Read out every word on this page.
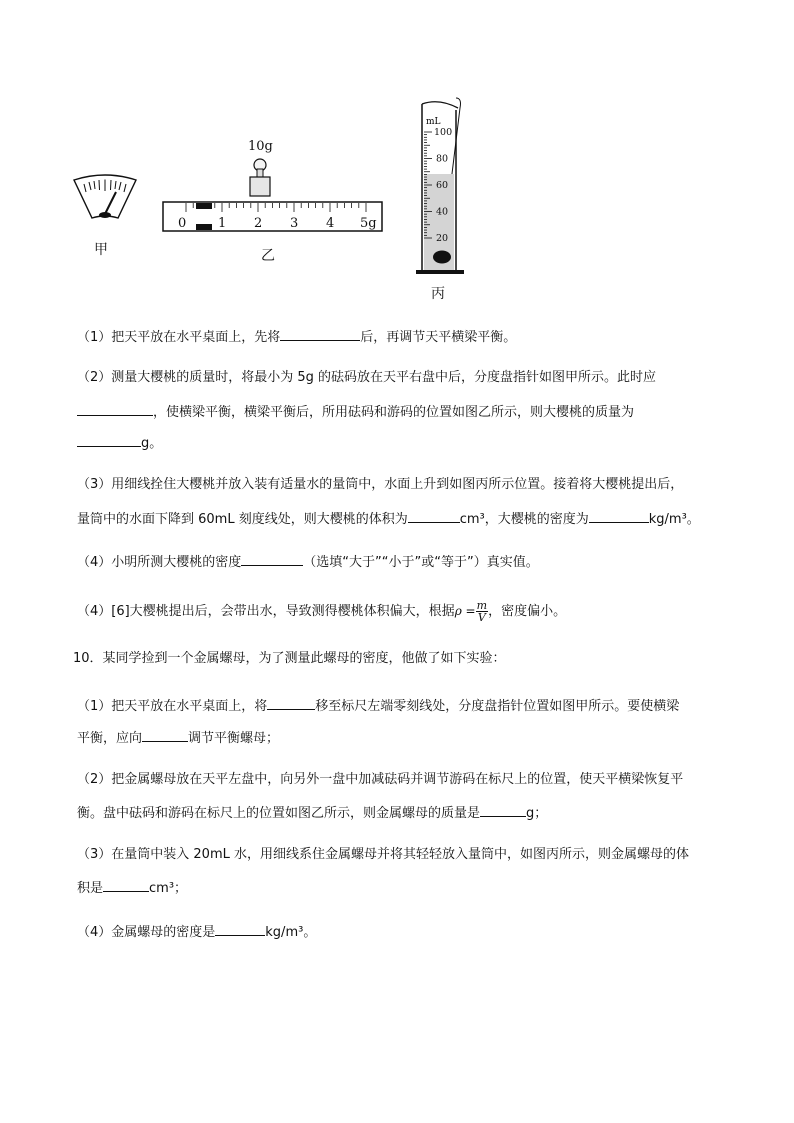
甲
10g
0 1 2 3 4 5g
乙
100
80
60
40
20
mL
丙
（1）把天平放在水平桌面上，先将	后，再调节天平横梁平衡。
（2）测量大樱桃的质量时，将最小为 5g 的砝码放在天平右盘中后，分度盘指针如图甲所示。此时应
，使横梁平衡，横梁平衡后，所用砝码和游码的位置如图乙所示，则大樱桃的质量为
g。
（3）用细线拴住大樱桃并放入装有适量水的量筒中，水面上升到如图丙所示位置。接着将大樱桃提出后，
量筒中的水面下降到 60mL 刻度线处，则大樱桃的体积为	cm³，大樱桃的密度为	kg/m³。
（4）小明所测大樱桃的密度	（选填“大于”“小于”或“等于”）真实值。
（4）[6]大樱桃提出后，会带出水，导致测得樱桃体积偏大，根据$\rho = \frac{m}{V}$ ，密度偏小。
10．某同学捡到一个金属螺母，为了测量此螺母的密度，他做了如下实验：
（1）把天平放在水平桌面上，将	移至标尺左端零刻线处，分度盘指针位置如图甲所示。要使横梁
平衡，应向	调节平衡螺母；
（2）把金属螺母放在天平左盘中，向另外一盘中加减砝码并调节游码在标尺上的位置，使天平横梁恢复平
衡。盘中砝码和游码在标尺上的位置如图乙所示，则金属螺母的质量是	g；
（3）在量筒中装入 20mL 水，用细线系住金属螺母并将其轻轻放入量筒中，如图丙所示，则金属螺母的体
积是	cm³；
（4）金属螺母的密度是	kg/m³。
